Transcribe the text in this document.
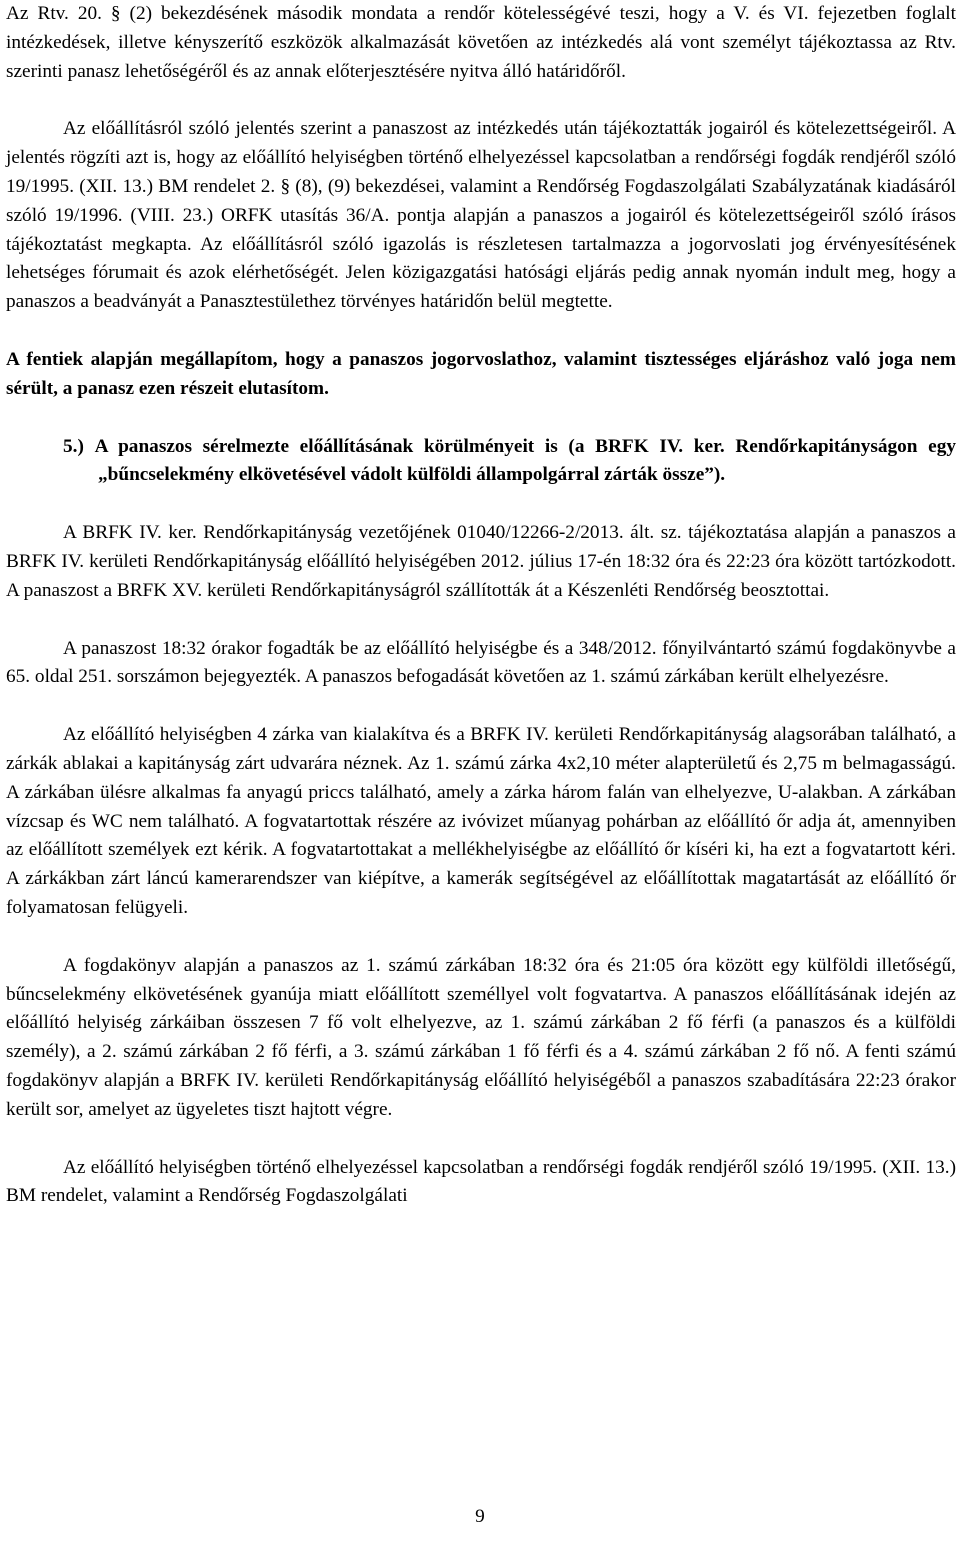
Az Rtv. 20. § (2) bekezdésének második mondata a rendőr kötelességévé teszi, hogy a V. és VI. fejezetben foglalt intézkedések, illetve kényszerítő eszközök alkalmazását követően az intézkedés alá vont személyt tájékoztassa az Rtv. szerinti panasz lehetőségéről és az annak előterjesztésére nyitva álló határidőről.

Az előállításról szóló jelentés szerint a panaszost az intézkedés után tájékoztatták jogairól és kötelezettségeiről. A jelentés rögzíti azt is, hogy az előállító helyiségben történő elhelyezéssel kapcsolatban a rendőrségi fogdák rendjéről szóló 19/1995. (XII. 13.) BM rendelet 2. § (8), (9) bekezdései, valamint a Rendőrség Fogdaszolgálati Szabályzatának kiadásáról szóló 19/1996. (VIII. 23.) ORFK utasítás 36/A. pontja alapján a panaszos a jogairól és kötelezettségeiről szóló írásos tájékoztatást megkapta. Az előállításról szóló igazolás is részletesen tartalmazza a jogorvoslati jog érvényesítésének lehetséges fórumait és azok elérhetőségét. Jelen közigazgatási hatósági eljárás pedig annak nyomán indult meg, hogy a panaszos a beadványát a Panasztestülethez törvényes határidőn belül megtette.

A fentiek alapján megállapítom, hogy a panaszos jogorvoslathoz, valamint tisztességes eljáráshoz való joga nem sérült, a panasz ezen részeit elutasítom.

5.) A panaszos sérelmezte előállításának körülményeit is (a BRFK IV. ker. Rendőrkapitányságon egy „bűncselekmény elkövetésével vádolt külföldi állampolgárral zárták össze”).

A BRFK IV. ker. Rendőrkapitányság vezetőjének 01040/12266-2/2013. ált. sz. tájékoztatása alapján a panaszos a BRFK IV. kerületi Rendőrkapitányság előállító helyiségében 2012. július 17-én 18:32 óra és 22:23 óra között tartózkodott. A panaszost a BRFK XV. kerületi Rendőrkapitányságról szállították át a Készenléti Rendőrség beosztottai.

A panaszost 18:32 órakor fogadták be az előállító helyiségbe és a 348/2012. főnyilvántartó számú fogdakönyvbe a 65. oldal 251. sorszámon bejegyezték. A panaszos befogadását követően az 1. számú zárkában került elhelyezésre.

Az előállító helyiségben 4 zárka van kialakítva és a BRFK IV. kerületi Rendőrkapitányság alagsorában található, a zárkák ablakai a kapitányság zárt udvarára néznek. Az 1. számú zárka 4x2,10 méter alapterületű és 2,75 m belmagasságú. A zárkában ülésre alkalmas fa anyagú priccs található, amely a zárka három falán van elhelyezve, U-alakban. A zárkában vízcsap és WC nem található. A fogvatartottak részére az ivóvizet műanyag pohárban az előállító őr adja át, amennyiben az előállított személyek ezt kérik. A fogvatartottakat a mellékhelyiségbe az előállító őr kíséri ki, ha ezt a fogvatartott kéri. A zárkákban zárt láncú kamerarendszer van kiépítve, a kamerák segítségével az előállítottak magatartását az előállító őr folyamatosan felügyeli.

A fogdakönyv alapján a panaszos az 1. számú zárkában 18:32 óra és 21:05 óra között egy külföldi illetőségű, bűncselekmény elkövetésének gyanúja miatt előállított személlyel volt fogvatartva. A panaszos előállításának idején az előállító helyiség zárkáiban összesen 7 fő volt elhelyezve, az 1. számú zárkában 2 fő férfi (a panaszos és a külföldi személy), a 2. számú zárkában 2 fő férfi, a 3. számú zárkában 1 fő férfi és a 4. számú zárkában 2 fő nő. A fenti számú fogdakönyv alapján a BRFK IV. kerületi Rendőrkapitányság előállító helyiségéből a panaszos szabadítására 22:23 órakor került sor, amelyet az ügyeletes tiszt hajtott végre.

Az előállító helyiségben történő elhelyezéssel kapcsolatban a rendőrségi fogdák rendjéről szóló 19/1995. (XII. 13.) BM rendelet, valamint a Rendőrség Fogdaszolgálati

9
